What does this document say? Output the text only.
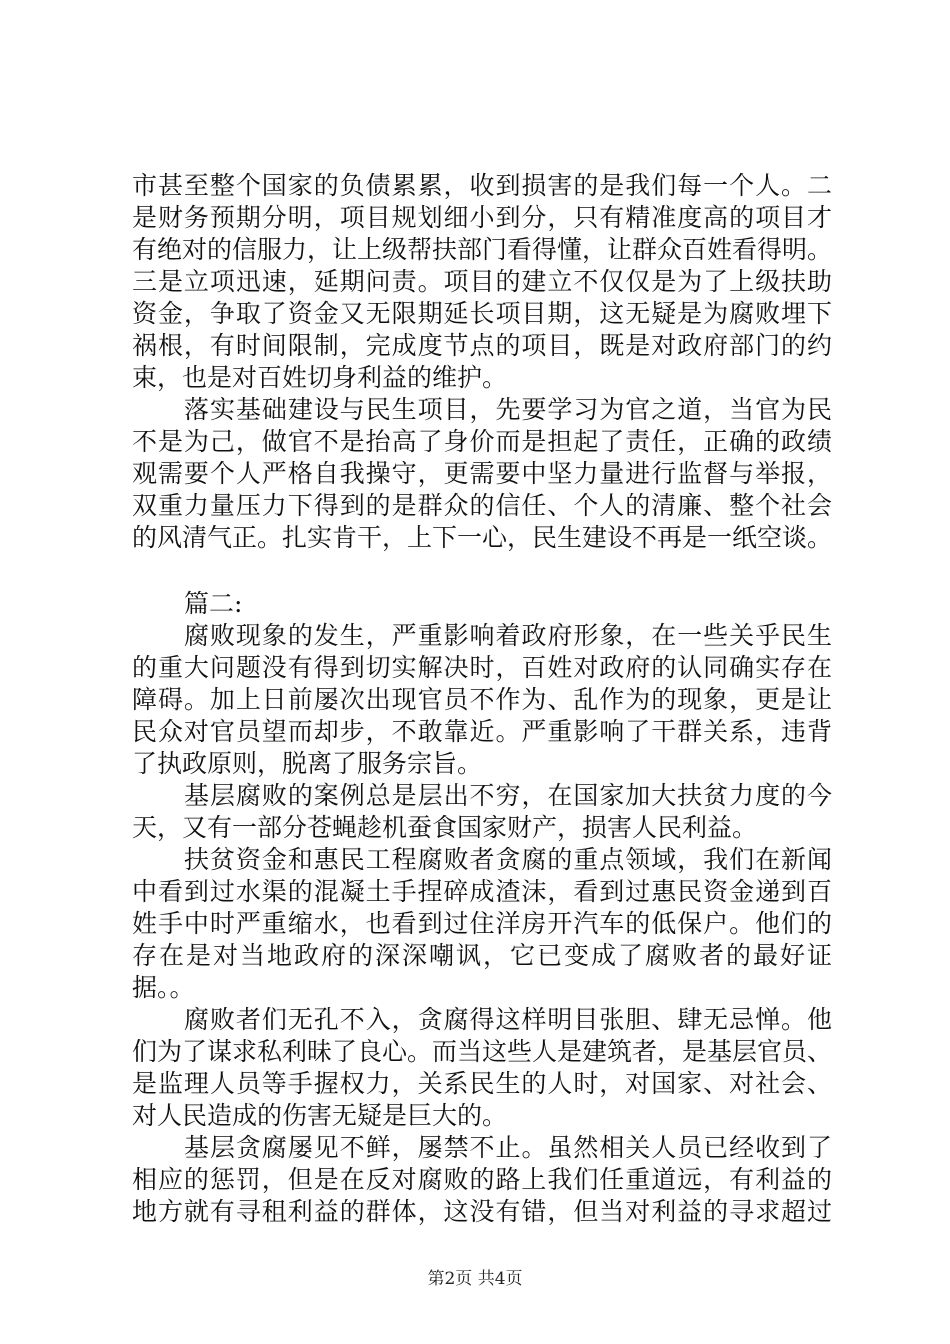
市甚至整个国家的负债累累，收到损害的是我们每一个人。二
是财务预期分明，项目规划细小到分，只有精准度高的项目才
有绝对的信服力，让上级帮扶部门看得懂，让群众百姓看得明。
三是立项迅速，延期问责。项目的建立不仅仅是为了上级扶助
资金，争取了资金又无限期延长项目期，这无疑是为腐败埋下
祸根，有时间限制，完成度节点的项目，既是对政府部门的约
束，也是对百姓切身利益的维护。
落实基础建设与民生项目，先要学习为官之道，当官为民
不是为己，做官不是抬高了身价而是担起了责任，正确的政绩
观需要个人严格自我操守，更需要中坚力量进行监督与举报，
双重力量压力下得到的是群众的信任、个人的清廉、整个社会
的风清气正。扎实肯干，上下一心，民生建设不再是一纸空谈。
篇二:
腐败现象的发生，严重影响着政府形象，在一些关乎民生
的重大问题没有得到切实解决时，百姓对政府的认同确实存在
障碍。加上日前屡次出现官员不作为、乱作为的现象，更是让
民众对官员望而却步，不敢靠近。严重影响了干群关系，违背
了执政原则，脱离了服务宗旨。
基层腐败的案例总是层出不穷，在国家加大扶贫力度的今
天，又有一部分苍蝇趁机蚕食国家财产，损害人民利益。
扶贫资金和惠民工程腐败者贪腐的重点领域，我们在新闻
中看到过水渠的混凝土手捏碎成渣沫，看到过惠民资金递到百
姓手中时严重缩水，也看到过住洋房开汽车的低保户。他们的
存在是对当地政府的深深嘲讽，它已变成了腐败者的最好证
据。。
腐败者们无孔不入，贪腐得这样明目张胆、肆无忌惮。他
们为了谋求私利昧了良心。而当这些人是建筑者，是基层官员、
是监理人员等手握权力，关系民生的人时，对国家、对社会、
对人民造成的伤害无疑是巨大的。
基层贪腐屡见不鲜，屡禁不止。虽然相关人员已经收到了
相应的惩罚，但是在反对腐败的路上我们任重道远，有利益的
地方就有寻租利益的群体，这没有错，但当对利益的寻求超过
第2页 共4页
